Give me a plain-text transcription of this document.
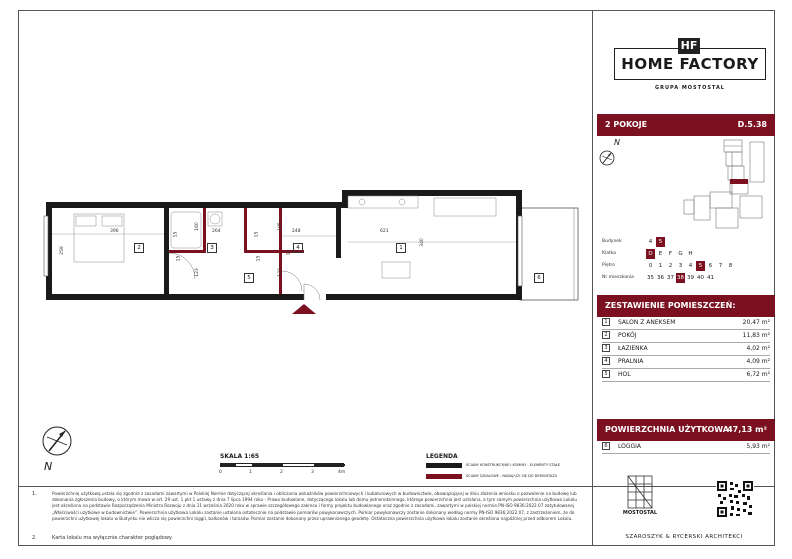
HOME FACTORY
HF
GRUPA MOSTOSTAL
2 POKOJE	D.5.38
N
Budynek	4	5
Klatka	D	E	F	G	H
Piętro	0	1	2	3	4	5	6	7	8
Nr mieszkania 35 36 37 38 39 40 41
ZESTAWIENIE POMIESZCZEŃ:
1	SALON Z ANEKSEM	20,47 m²
2	POKÓJ	11,83 m²
3	ŁAZIENKA	4,02 m²
4	PRALNIA	4,09 m²
5	HOL	6,72 m²
POWIERZCHNIA UŻYTKOWA:
47,13 m²
6	LOGGIA	5,93 m²
2	3	4	1
5	6
396	264	248	621
259
340
15	15
160	185
123	123
15	15
11
N
SKALA 1:65
0	1	2	3	4m
LEGENDA
ŚCIANY KONSTRUKCYJNE I KOMINY - ELEMENTY STAŁE
ŚCIANY DZIAŁOWE - NADAJĄCE SIĘ DO DEMONTAŻU
1.	Powierzchnię użytkową ustala się zgodnie z zasadami zawartymi w Polskiej Normie dotyczącej określania i obliczania wskaźników powierzchniowych i kubaturowych w budownictwie, obowiązującej w dniu złożenia wniosku o pozwolenie na budowę lub dokonania zgłoszenia budowy, o którym mowa w art. 29 ust. 1 pkt 1 ustawy z dnia 7 lipca 1994 roku - Prawo budowlane, dotyczącego lokalu lub domu jednorodzinnego, którego powierzchnia jest ustalana, a tym samym powierzchnia użytkowa Lokalu jest określona na podstawie Rozporządzenia Ministra Rozwoju z dnia 11 września 2020 roku w sprawie szczegółowego zakresu i formy projektu budowlanego oraz zgodnie z zasadami, zawartymi w polskiej normie PN-ISO 9836:2022.07 zatytułowanej „Właściwości użytkowe w budownictwie". Powierzchnia użytkowa Lokalu zostanie ustalona ostatecznie na podstawie pomiarów powykonawczych. Pomiar powykonawczy zostanie dokonany według normy PN-ISO 9836:2022.07, z zastrzeżeniem, że do powierzchni użytkowej lokalu w Budynku nie wlicza się powierzchni loggii, balkonów i tarasów. Pomiar zostanie dokonany przez uprawnionego geodetę. Ostateczna powierzchnia użytkowa lokalu zostanie określona najpóźniej przed odbiorem Lokalu.
2.	Karta lokalu ma wyłącznie charakter poglądowy.
MOSTOSTAL
SZAROSZYK & RYCERSKI ARCHITEKCI
